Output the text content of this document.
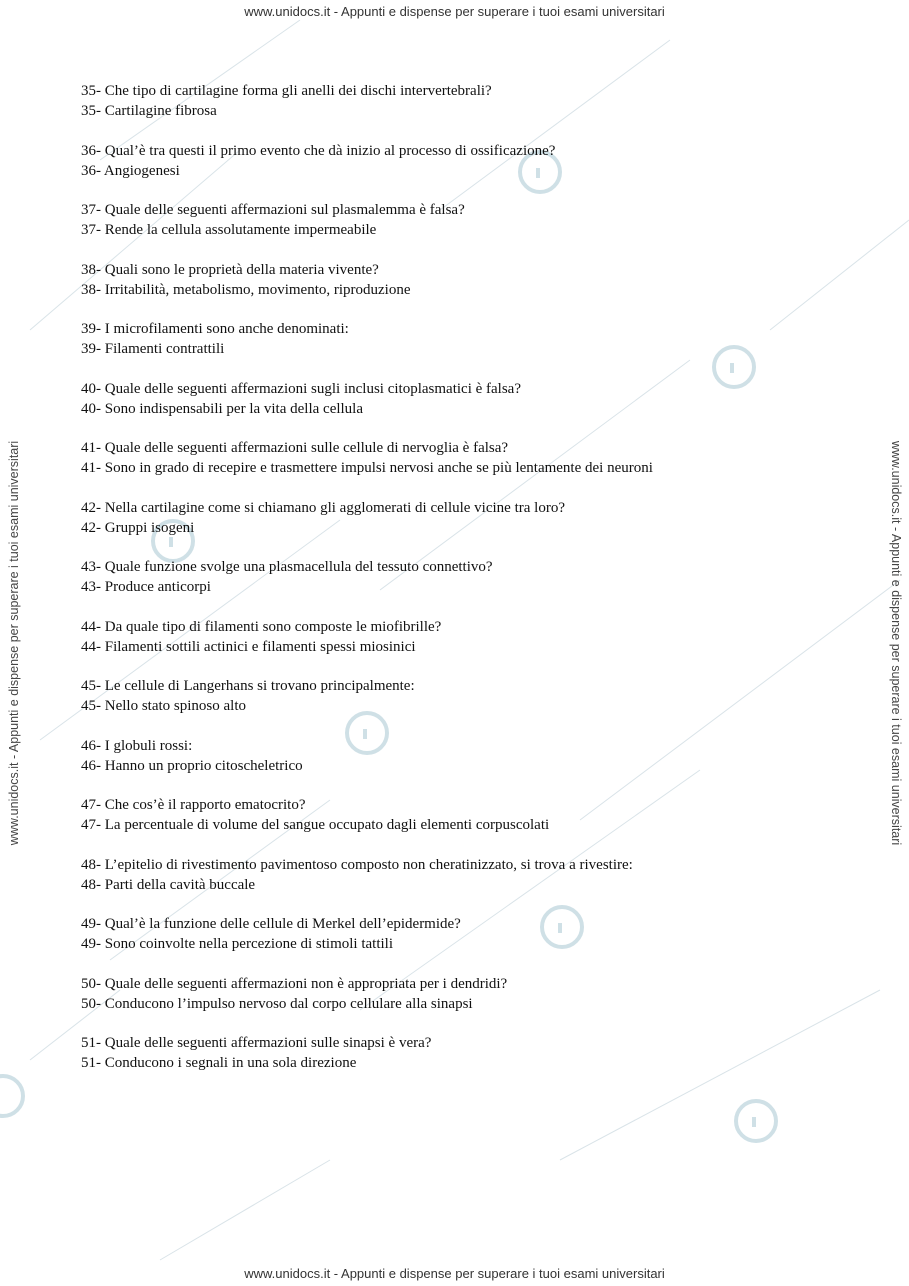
www.unidocs.it - Appunti e dispense per superare i tuoi esami universitari
www.unidocs.it - Appunti e dispense per superare i tuoi esami universitari
www.unidocs.it - Appunti e dispense per superare i tuoi esami universitari	www.unidocs.it - Appunti e dispense per superare i tuoi esami universitari

35- Che tipo di cartilagine forma gli anelli dei dischi intervertebrali?

35- Cartilagine fibrosa

36- Qual’è tra questi il primo evento che dà inizio al processo di ossificazione?

36- Angiogenesi

37- Quale delle seguenti affermazioni sul plasmalemma è falsa?

37- Rende la cellula assolutamente impermeabile

38- Quali sono le proprietà della materia vivente?

38- Irritabilità, metabolismo, movimento, riproduzione

39- I microfilamenti sono anche denominati:

39- Filamenti contrattili

40- Quale delle seguenti affermazioni sugli inclusi citoplasmatici è falsa?

40- Sono indispensabili per la vita della cellula

41- Quale delle seguenti affermazioni sulle cellule di nervoglia è falsa?

41- Sono in grado di recepire e trasmettere impulsi nervosi anche se più lentamente dei neuroni

42- Nella cartilagine come si chiamano gli agglomerati di cellule vicine tra loro?

42- Gruppi isogeni

43- Quale funzione svolge una plasmacellula del tessuto connettivo?

43- Produce anticorpi

44- Da quale tipo di filamenti sono composte le miofibrille?

44- Filamenti sottili actinici e filamenti spessi miosinici

45- Le cellule di Langerhans si trovano principalmente:

45- Nello stato spinoso alto

46- I globuli rossi:

46- Hanno un proprio citoscheletrico

47- Che cos’è il rapporto ematocrito?

47- La percentuale di volume del sangue occupato dagli elementi corpuscolati

48- L’epitelio di rivestimento pavimentoso composto non cheratinizzato, si trova a rivestire:

48- Parti della cavità buccale

49- Qual’è la funzione delle cellule di Merkel dell’epidermide?

49- Sono coinvolte nella percezione di stimoli tattili

50- Quale delle seguenti affermazioni non è appropriata per i dendridi?

50- Conducono l’impulso nervoso dal corpo cellulare alla sinapsi

51- Quale delle seguenti affermazioni sulle sinapsi è vera?

51- Conducono i segnali in una sola direzione
